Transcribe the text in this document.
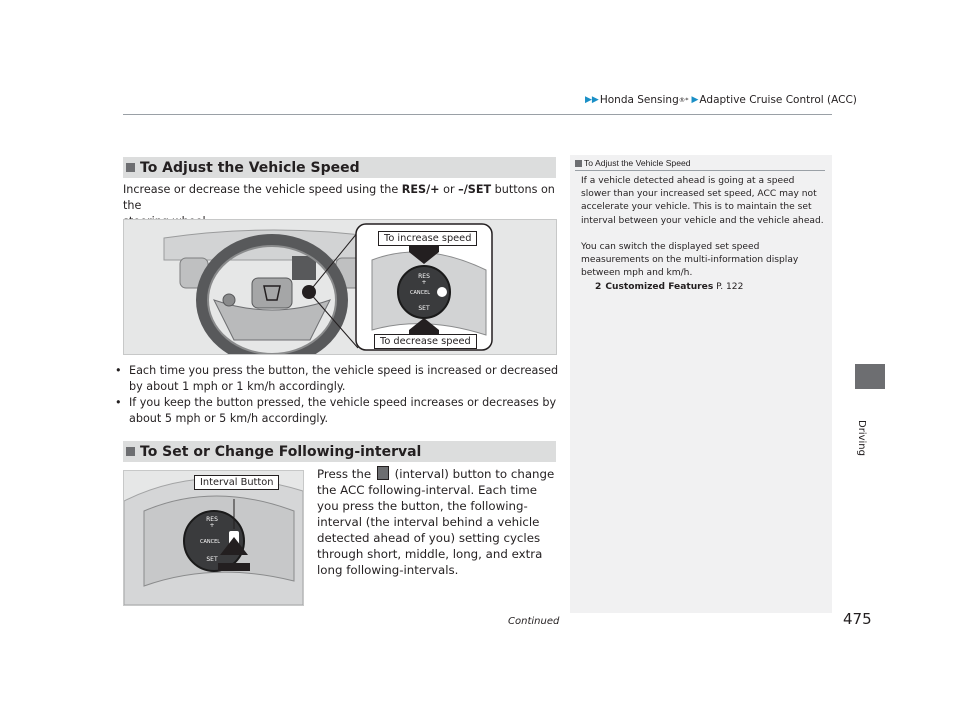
▶▶ Honda Sensing ®* ▶ Adaptive Cruise Control (ACC)
Driving
To Adjust the Vehicle Speed
Increase or decrease the vehicle speed using the RES/+ or –/SET buttons on the

RES
+
CANCEL
SET
To increase speed
To decrease speed
• Each time you press the button, the vehicle speed is increased or decreased by about 1 mph or 1 km/h accordingly.
• If you keep the button pressed, the vehicle speed increases or decreases by about 5 mph or 5 km/h accordingly.
To Set or Change Following-interval
RES
+
CANCEL
SET
Interval Button
Press the (interval) button to change the ACC following-interval. Each time you press the button, the following-interval (the interval behind a vehicle detected ahead of you) setting cycles through short, middle, long, and extra long following-intervals.
To Adjust the Vehicle Speed
If a vehicle detected ahead is going at a speed slower than your increased set speed, ACC may not accelerate your vehicle. This is to maintain the set interval between your vehicle and the vehicle ahead.
You can switch the displayed set speed measurements on the multi-information display between mph and km/h.
2 Customized Features P. 122
Continued	475
